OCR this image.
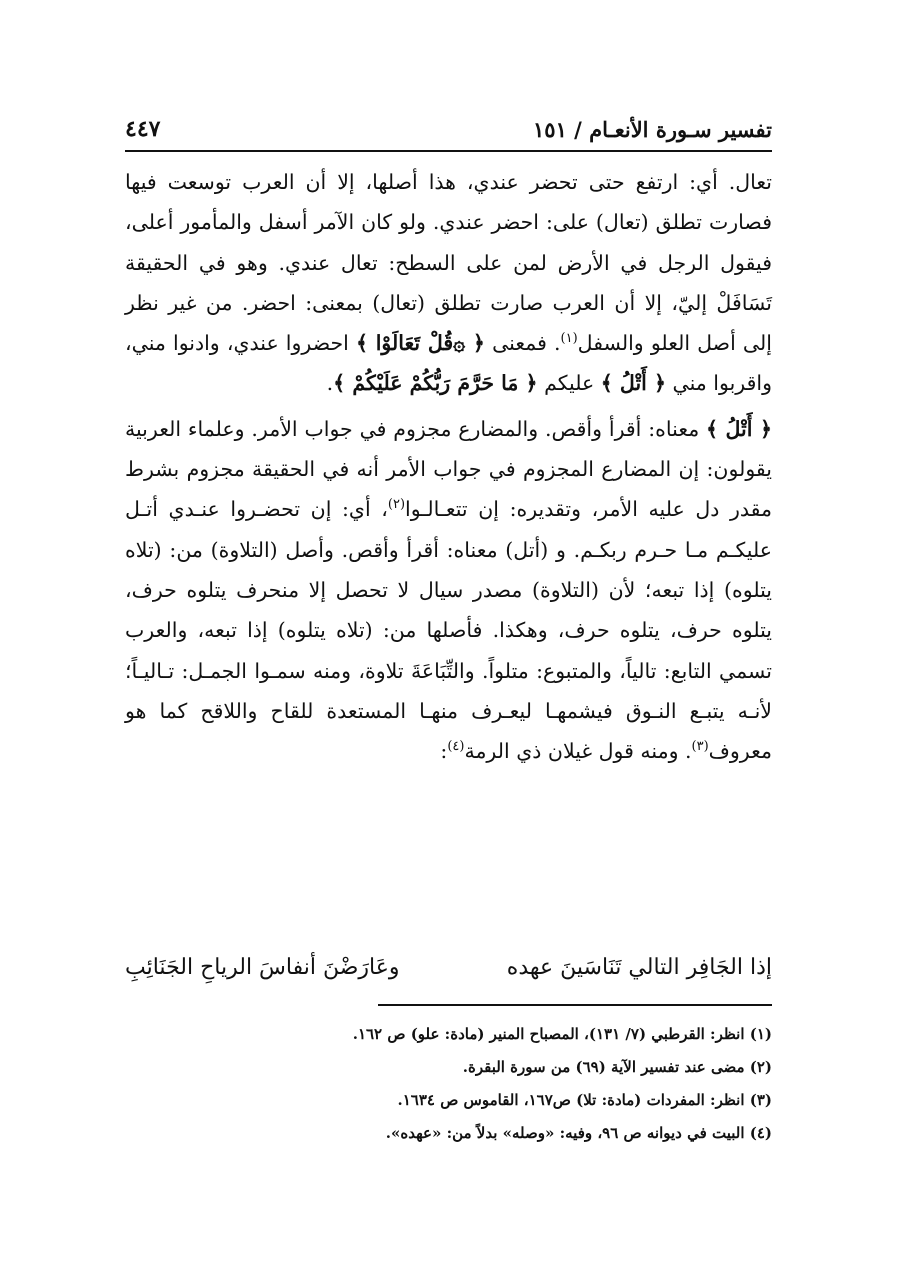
تفسير سـورة الأنعـام / ١٥١
٤٤٧

تعال. أي: ارتفع حتى تحضر عندي، هذا أصلها، إلا أن العرب توسعت فيها فصارت تطلق (تعال) على: احضر عندي. ولو كان الآمر أسفل والمأمور أعلى، فيقول الرجل في الأرض لمن على السطح: تعال عندي. وهو في الحقيقة تَسَافَلْ إليّ، إلا أن العرب صارت تطلق (تعال) بمعنى: احضر. من غير نظر إلى أصل العلو والسفل$^{(١)}$. فمعنى ﴿ ۞قُلْ تَعَالَوْا ﴾ احضروا عندي، وادنوا مني، واقربوا مني ﴿ أَتْلُ ﴾ عليكم ﴿ مَا حَرَّمَ رَبُّكُمْ عَلَيْكُمْ ﴾.

﴿ أَتْلُ ﴾ معناه: أقرأ وأقص. والمضارع مجزوم في جواب الأمر. وعلماء العربية يقولون: إن المضارع المجزوم في جواب الأمر أنه في الحقيقة مجزوم بشرط مقدر دل عليه الأمر، وتقديره: إن تتعـالـوا$^{(٢)}$، أي: إن تحضـروا عنـدي أتـل عليكـم مـا حـرم ربكـم. و (أتل) معناه: أقرأ وأقص. وأصل (التلاوة) من: (تلاه يتلوه) إذا تبعه؛ لأن (التلاوة) مصدر سيال لا تحصل إلا منحرف يتلوه حرف، يتلوه حرف، يتلوه حرف، وهكذا. فأصلها من: (تلاه يتلوه) إذا تبعه، والعرب تسمي التابع: تالياً، والمتبوع: متلواً. والتِّبَاعَةَ تلاوة، ومنه سمـوا الجمـل: تـاليـاً؛ لأنـه يتبـع النـوق فيشمهـا ليعـرف منهـا المستعدة للقاح واللاقح كما هو معروف$^{(٣)}$. ومنه قول غيلان ذي الرمة$^{(٤)}$:

إذا الجَافِر التالي تَنَاسَينَ عهده
وعَارَضْنَ أنفاسَ الرياحِ الجَنَائِبِ
(١) انظر: القرطبي (٧/ ١٣١)، المصباح المنير (مادة: علو) ص ١٦٢.
(٢) مضى عند تفسير الآية (٦٩) من سورة البقرة.
(٣) انظر: المفردات (مادة: تلا) ص١٦٧، القاموس ص ١٦٣٤.
(٤) البيت في ديوانه ص ٩٦، وفيه: «وصله» بدلاً من: «عهده».
